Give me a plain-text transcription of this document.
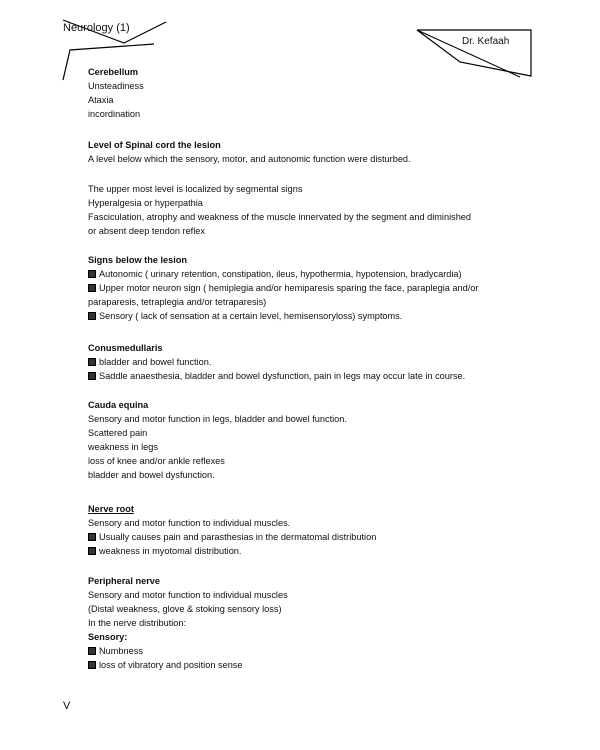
Neurology (1)
Dr. Kefaah
Cerebellum
Unsteadiness
Ataxia
incordination
Level of Spinal cord the lesion
A level below which the sensory, motor, and autonomic function were disturbed.
The upper most level is localized by segmental signs
Hyperalgesia or hyperpathia
Fasciculation, atrophy and weakness of the muscle innervated by the segment and diminished
or absent deep tendon reflex
Signs below the lesion
Autonomic ( urinary retention, constipation, ileus, hypothermia, hypotension, bradycardia)
Upper motor neuron sign ( hemiplegia and/or hemiparesis sparing the face, paraplegia and/or
paraparesis, tetraplegia and/or tetraparesis)
Sensory ( lack of sensation at a certain level, hemisensoryloss) symptoms.
Conusmedullaris
bladder and bowel function.
Saddle anaesthesia, bladder and bowel dysfunction, pain in legs may occur late in course.
Cauda equina
Sensory and motor function in legs, bladder and bowel function.
Scattered pain
weakness in legs
loss of knee and/or ankle reflexes
bladder and bowel dysfunction.
Nerve root
Sensory and motor function to individual muscles.
Usually causes pain and parasthesias in the dermatomal distribution
weakness in myotomal distribution.
Peripheral nerve
Sensory and motor function to individual muscles
(Distal weakness, glove & stoking sensory loss)
In the nerve distribution:
Sensory:
Numbness
loss of vibratory and position sense
V
